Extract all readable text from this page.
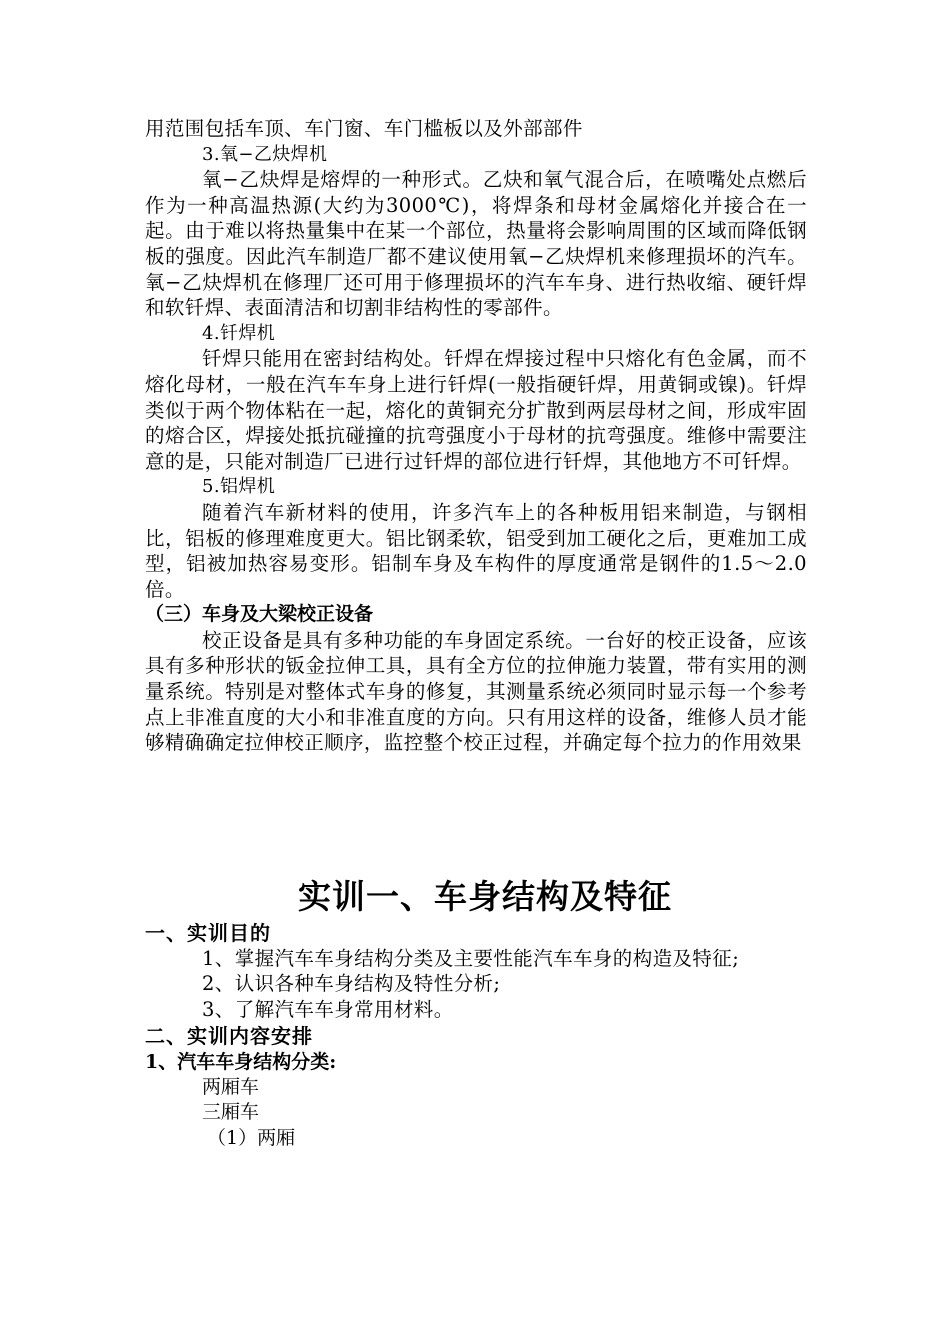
用范围包括车顶、车门窗、车门槛板以及外部部件

3.氧−乙炔焊机

氧−乙炔焊是熔焊的一种形式。乙炔和氧气混合后，在喷嘴处点燃后作为一种高温热源(大约为3000℃)，将焊条和母材金属熔化并接合在一起。由于难以将热量集中在某一个部位，热量将会影响周围的区域而降低钢板的强度。因此汽车制造厂都不建议使用氧−乙炔焊机来修理损坏的汽车。氧−乙炔焊机在修理厂还可用于修理损坏的汽车车身、进行热收缩、硬钎焊和软钎焊、表面清洁和切割非结构性的零部件。

4.钎焊机

钎焊只能用在密封结构处。钎焊在焊接过程中只熔化有色金属，而不熔化母材，一般在汽车车身上进行钎焊(一般指硬钎焊，用黄铜或镍)。钎焊类似于两个物体粘在一起，熔化的黄铜充分扩散到两层母材之间，形成牢固的熔合区，焊接处抵抗碰撞的抗弯强度小于母材的抗弯强度。维修中需要注意的是，只能对制造厂已进行过钎焊的部位进行钎焊，其他地方不可钎焊。

5.铝焊机

随着汽车新材料的使用，许多汽车上的各种板用铝来制造，与钢相比，铝板的修理难度更大。铝比钢柔软，铝受到加工硬化之后，更难加工成型，铝被加热容易变形。铝制车身及车构件的厚度通常是钢件的1.5～2.0倍。

（三）车身及大梁校正设备

校正设备是具有多种功能的车身固定系统。一台好的校正设备，应该具有多种形状的钣金拉伸工具，具有全方位的拉伸施力装置，带有实用的测量系统。特别是对整体式车身的修复，其测量系统必须同时显示每一个参考点上非准直度的大小和非准直度的方向。只有用这样的设备，维修人员才能够精确确定拉伸校正顺序，监控整个校正过程，并确定每个拉力的作用效果

实训一、车身结构及特征

一、实训目的

1、掌握汽车车身结构分类及主要性能汽车车身的构造及特征;

2、认识各种车身结构及特性分析;

3、了解汽车车身常用材料。

二、实训内容安排

1、汽车车身结构分类:

两厢车

三厢车

（1）两厢
